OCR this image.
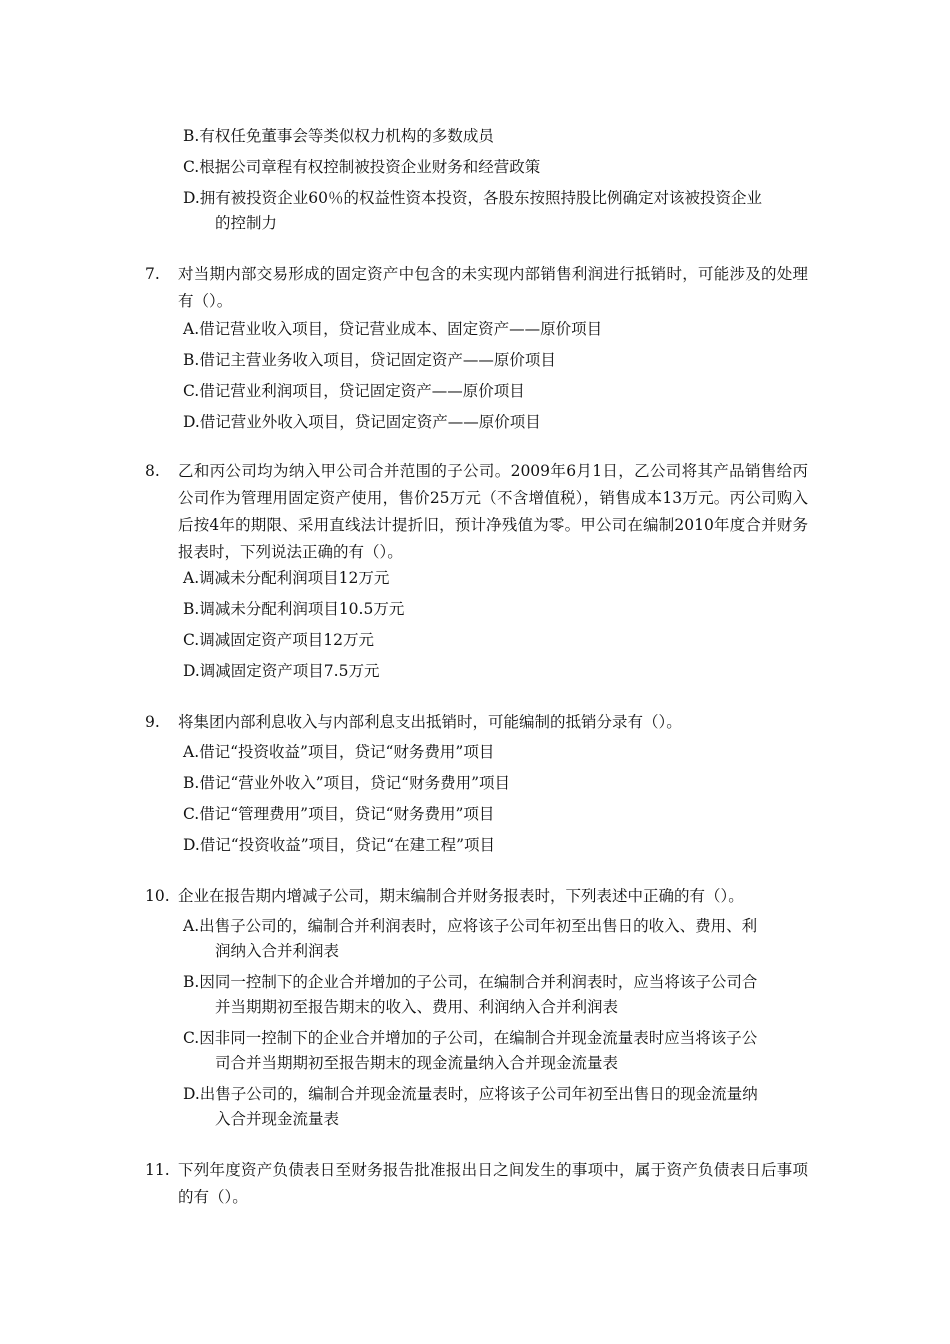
B.有权任免董事会等类似权力机构的多数成员

C.根据公司章程有权控制被投资企业财务和经营政策

D.拥有被投资企业60％的权益性资本投资，各股东按照持股比例确定对该被投资企业
的控制力

7.	对当期内部交易形成的固定资产中包含的未实现内部销售利润进行抵销时，可能涉及的处理有（）。

A.借记营业收入项目，贷记营业成本、固定资产——原价项目

B.借记主营业务收入项目，贷记固定资产——原价项目

C.借记营业利润项目，贷记固定资产——原价项目

D.借记营业外收入项目，贷记固定资产——原价项目

8.	乙和丙公司均为纳入甲公司合并范围的子公司。2009年6月1日，乙公司将其产品销售给丙公司作为管理用固定资产使用，售价25万元（不含增值税），销售成本13万元。丙公司购入后按4年的期限、采用直线法计提折旧，预计净残值为零。甲公司在编制2010年度合并财务报表时，下列说法正确的有（）。

A.调减未分配利润项目12万元

B.调减未分配利润项目10.5万元

C.调减固定资产项目12万元

D.调减固定资产项目7.5万元

9.	将集团内部利息收入与内部利息支出抵销时，可能编制的抵销分录有（）。

A.借记“投资收益”项目，贷记“财务费用”项目

B.借记“营业外收入”项目，贷记“财务费用”项目

C.借记“管理费用”项目，贷记“财务费用”项目

D.借记“投资收益”项目，贷记“在建工程”项目

10. 企业在报告期内增减子公司，期末编制合并财务报表时，下列表述中正确的有（）。

A.出售子公司的，编制合并利润表时，应将该子公司年初至出售日的收入、费用、利
润纳入合并利润表

B.因同一控制下的企业合并增加的子公司，在编制合并利润表时，应当将该子公司合
并当期期初至报告期末的收入、费用、利润纳入合并利润表

C.因非同一控制下的企业合并增加的子公司，在编制合并现金流量表时应当将该子公
司合并当期期初至报告期末的现金流量纳入合并现金流量表

D.出售子公司的，编制合并现金流量表时，应将该子公司年初至出售日的现金流量纳
入合并现金流量表

11. 下列年度资产负债表日至财务报告批准报出日之间发生的事项中，属于资产负债表日后事项的有（）。
